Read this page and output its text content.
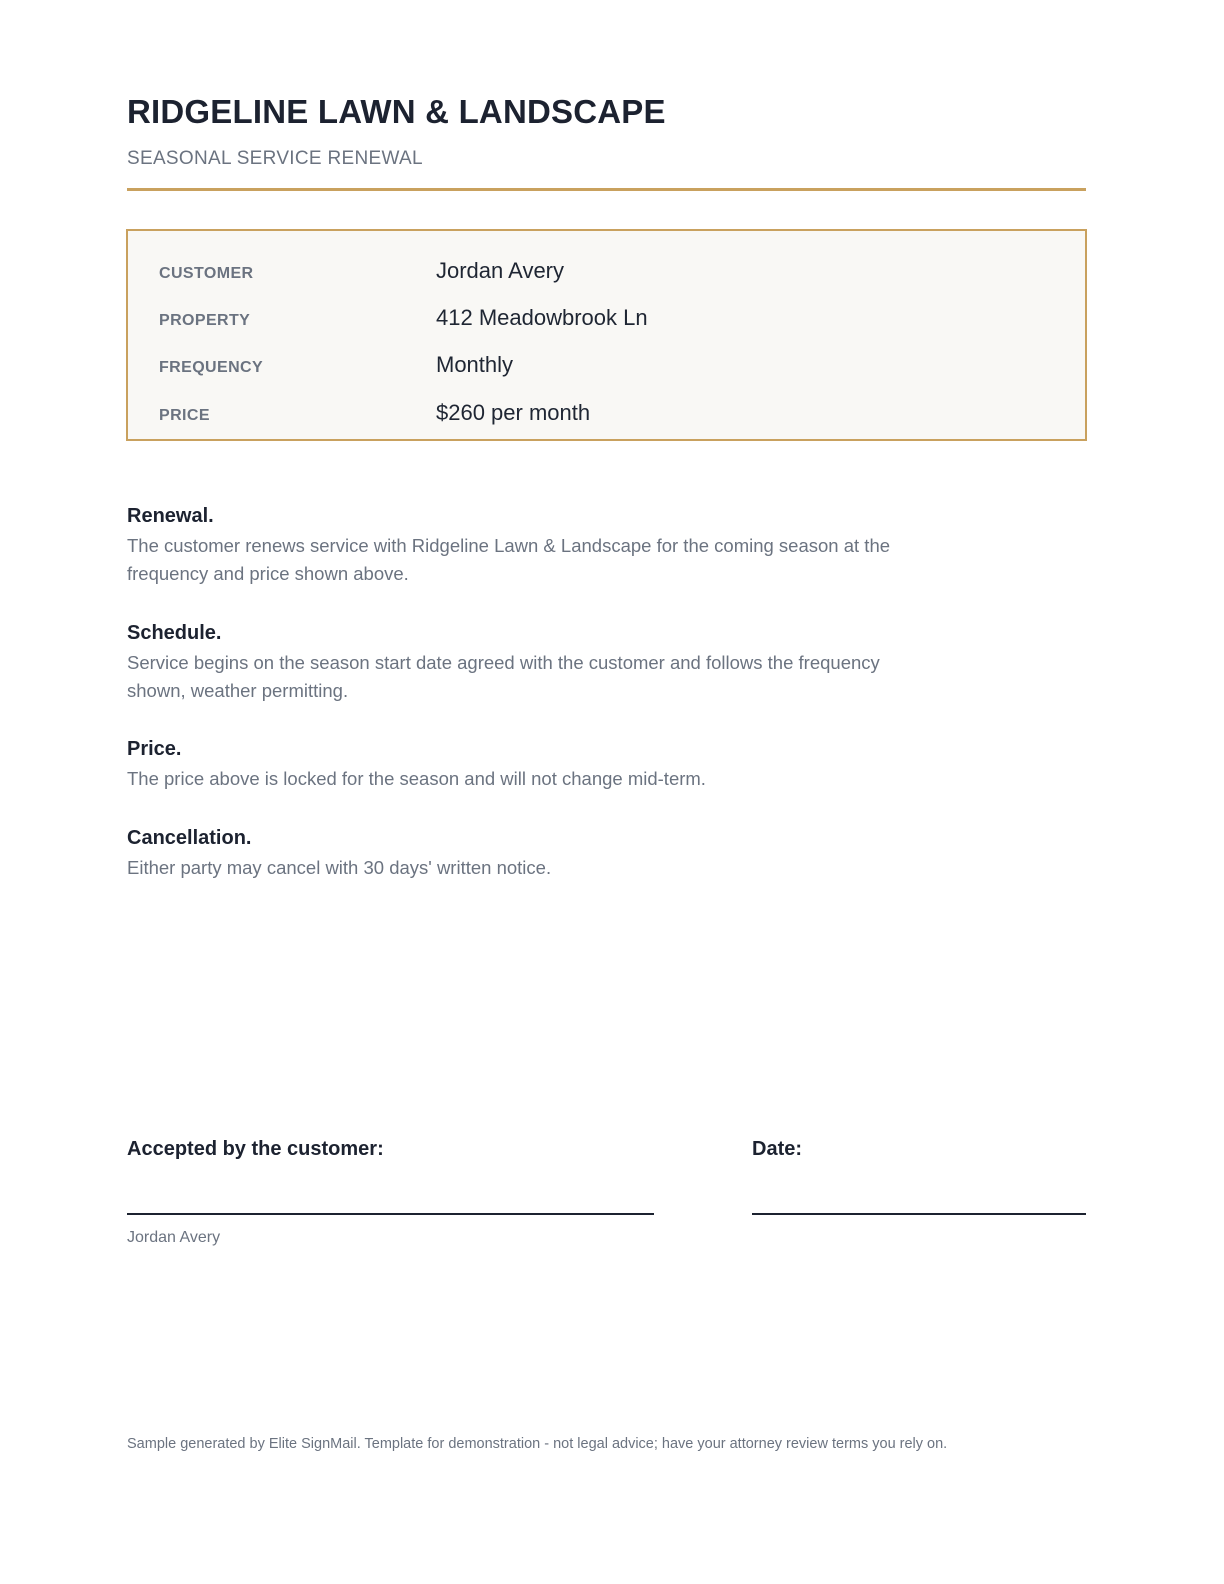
RIDGELINE LAWN & LANDSCAPE
SEASONAL SERVICE RENEWAL
CUSTOMER	Jordan Avery
PROPERTY	412 Meadowbrook Ln
FREQUENCY	Monthly
PRICE	$260 per month
Renewal.
The customer renews service with Ridgeline Lawn & Landscape for the coming season at the
frequency and price shown above.
Schedule.
Service begins on the season start date agreed with the customer and follows the frequency
shown, weather permitting.
Price.
The price above is locked for the season and will not change mid-term.
Cancellation.
Either party may cancel with 30 days' written notice.
Accepted by the customer:	Date:
Jordan Avery
Sample generated by Elite SignMail. Template for demonstration - not legal advice; have your attorney review terms you rely on.
